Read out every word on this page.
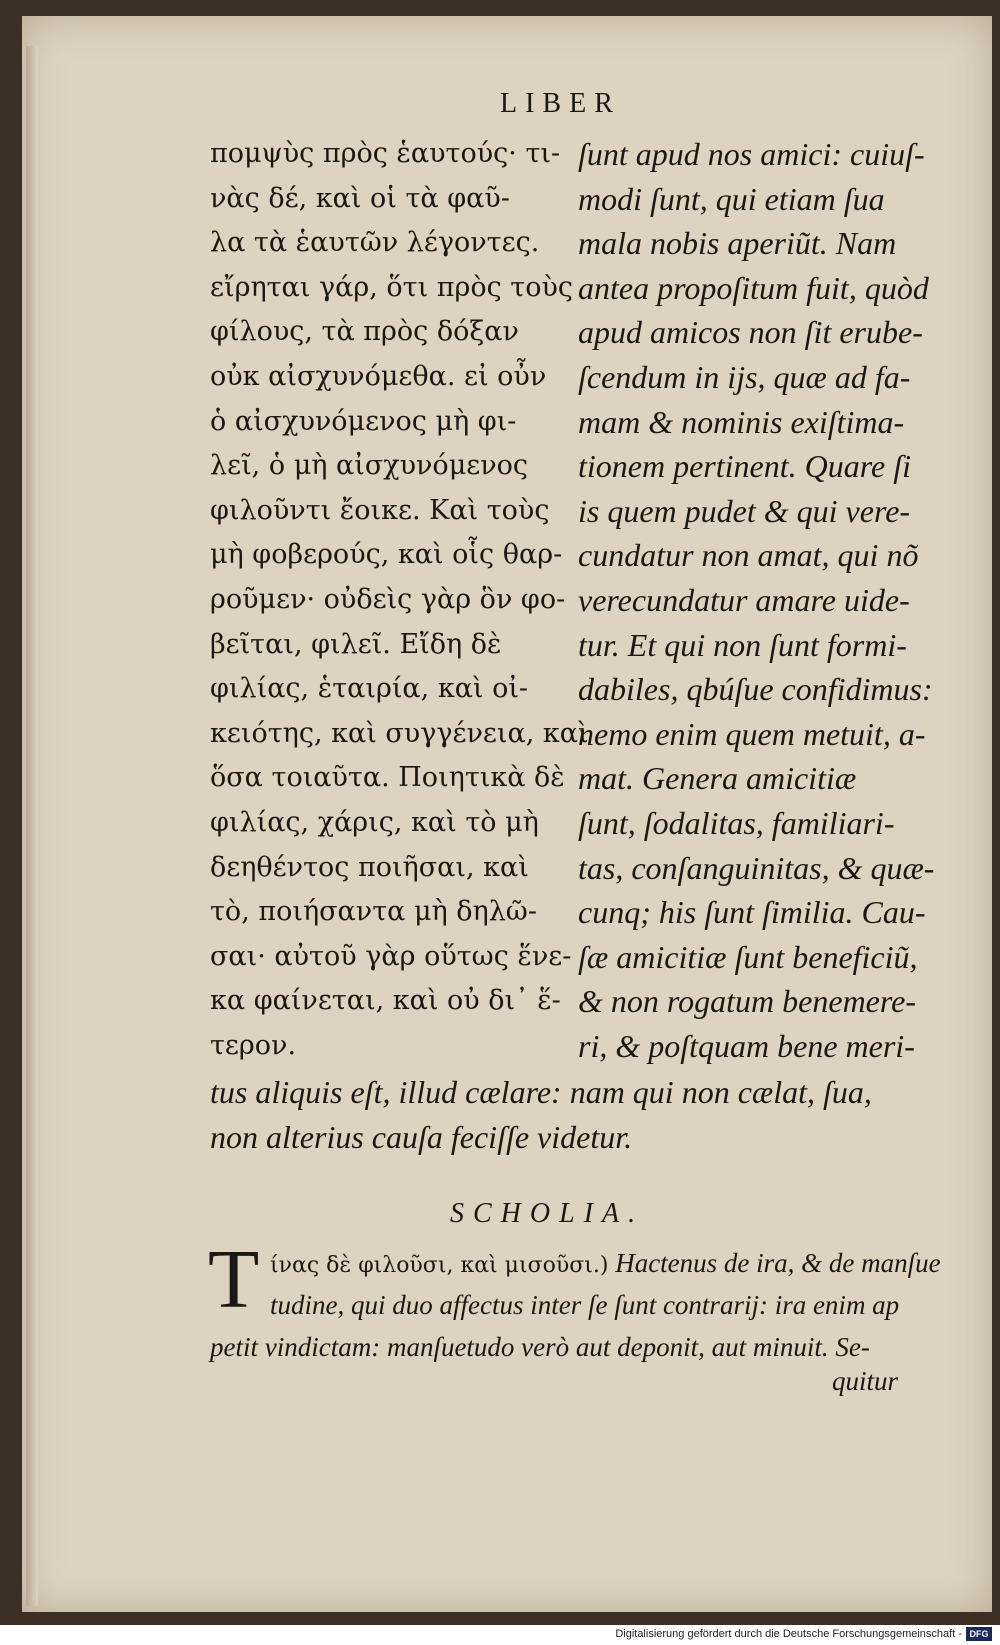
LIBER
πομψὺς πρὸς ἑαυτούς· τι-
νὰς δέ, καὶ οἱ τὰ φαῦ-
λα τὰ ἑαυτῶν λέγοντες.
εἴρηται γάρ, ὅτι πρὸς τοὺς
φίλους, τὰ πρὸς δόξαν
οὐκ αἰσχυνόμεθα. εἰ οὖν
ὁ αἰσχυνόμενος μὴ φι-
λεῖ, ὁ μὴ αἰσχυνόμενος
φιλοῦντι ἔοικε. Καὶ τοὺς
μὴ φοβερούς, καὶ οἷς θαρ-
ροῦμεν· οὐδεὶς γὰρ ὃν φο-
βεῖται, φιλεῖ. Εἴδη δὲ
φιλίας, ἑταιρία, καὶ οἰ-
κειότης, καὶ συγγένεια, καὶ
ὅσα τοιαῦτα. Ποιητικὰ δὲ
φιλίας, χάρις, καὶ τὸ μὴ
δεηθέντος ποιῆσαι, καὶ
τὸ, ποιήσαντα μὴ δηλῶ-
σαι· αὐτοῦ γὰρ οὕτως ἕνε-
κα φαίνεται, καὶ οὐ δι᾽ ἕ-
τερον.
ſunt apud nos amici: cuiuſ-
modi ſunt, qui etiam ſua
mala nobis aperiũt. Nam
antea propoſitum fuit, quòd
apud amicos non ſit erube-
ſcendum in ijs, quæ ad fa-
mam & nominis exiſtima-
tionem pertinent. Quare ſi
is quem pudet & qui vere-
cundatur non amat, qui nõ
verecundatur amare uide-
tur. Et qui non ſunt formi-
dabiles, qbúſue confidimus:
nemo enim quem metuit, a-
mat. Genera amicitiæ
ſunt, ſodalitas, familiari-
tas, conſanguinitas, & quæ-
cunq; his ſunt ſimilia. Cau-
ſæ amicitiæ ſunt beneficiũ,
& non rogatum benemere-
ri, & poſtquam bene meri-
tus aliquis eſt, illud cælare: nam qui non cælat, ſua,
non alterius cauſa feciſſe videtur.
SCHOLIA.
T ίνας δὲ φιλοῦσι, καὶ μισοῦσι.) Hactenus de ira, & de manſue
tudine, qui duo affectus inter ſe ſunt contrarij: ira enim ap
petit vindictam: manſuetudo verò aut deponit, aut minuit. Se-
quitur
Digitalisierung gefördert durch die Deutsche Forschungsgemeinschaft - DFG
